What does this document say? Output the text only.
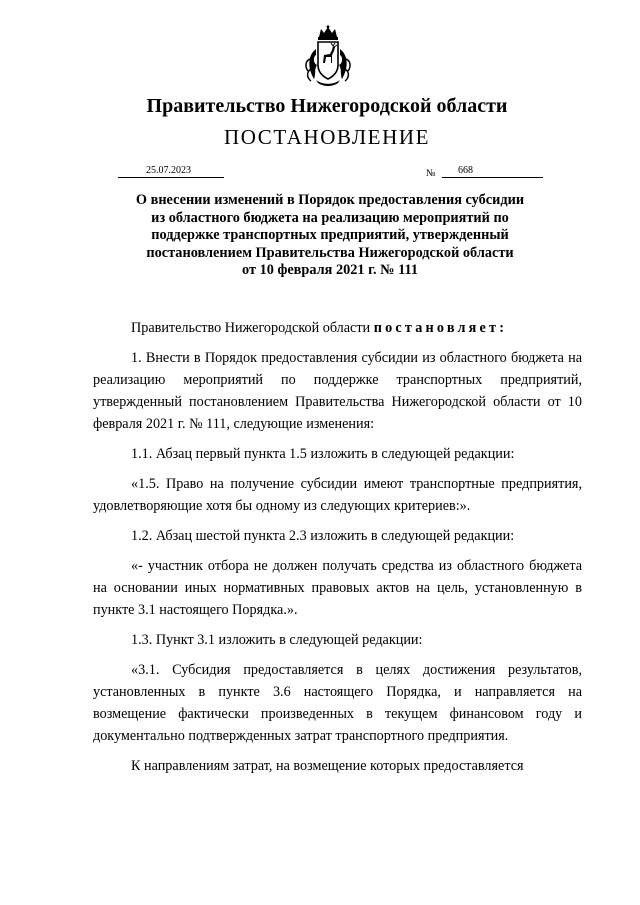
Правительство Нижегородской области
ПОСТАНОВЛЕНИЕ
25.07.2023	№	668
О внесении изменений в Порядок предоставления субсидии
из областного бюджета на реализацию мероприятий по
поддержке транспортных предприятий, утвержденный
постановлением Правительства Нижегородской области
от 10 февраля 2021 г. № 111

Правительство Нижегородской области постановляет:

1. Внести в Порядок предоставления субсидии из областного бюджета на реализацию мероприятий по поддержке транспортных предприятий, утвержденный постановлением Правительства Нижегородской области от 10 февраля 2021 г. № 111, следующие изменения:

1.1. Абзац первый пункта 1.5 изложить в следующей редакции:

«1.5. Право на получение субсидии имеют транспортные предприятия, удовлетворяющие хотя бы одному из следующих критериев:».

1.2. Абзац шестой пункта 2.3 изложить в следующей редакции:

«- участник отбора не должен получать средства из областного бюджета на основании иных нормативных правовых актов на цель, установленную в пункте 3.1 настоящего Порядка.».

1.3. Пункт 3.1 изложить в следующей редакции:

«3.1. Субсидия предоставляется в целях достижения результатов, установленных в пункте 3.6 настоящего Порядка, и направляется на возмещение фактически произведенных в текущем финансовом году и документально подтвержденных затрат транспортного предприятия.

К направлениям затрат, на возмещение которых предоставляется
